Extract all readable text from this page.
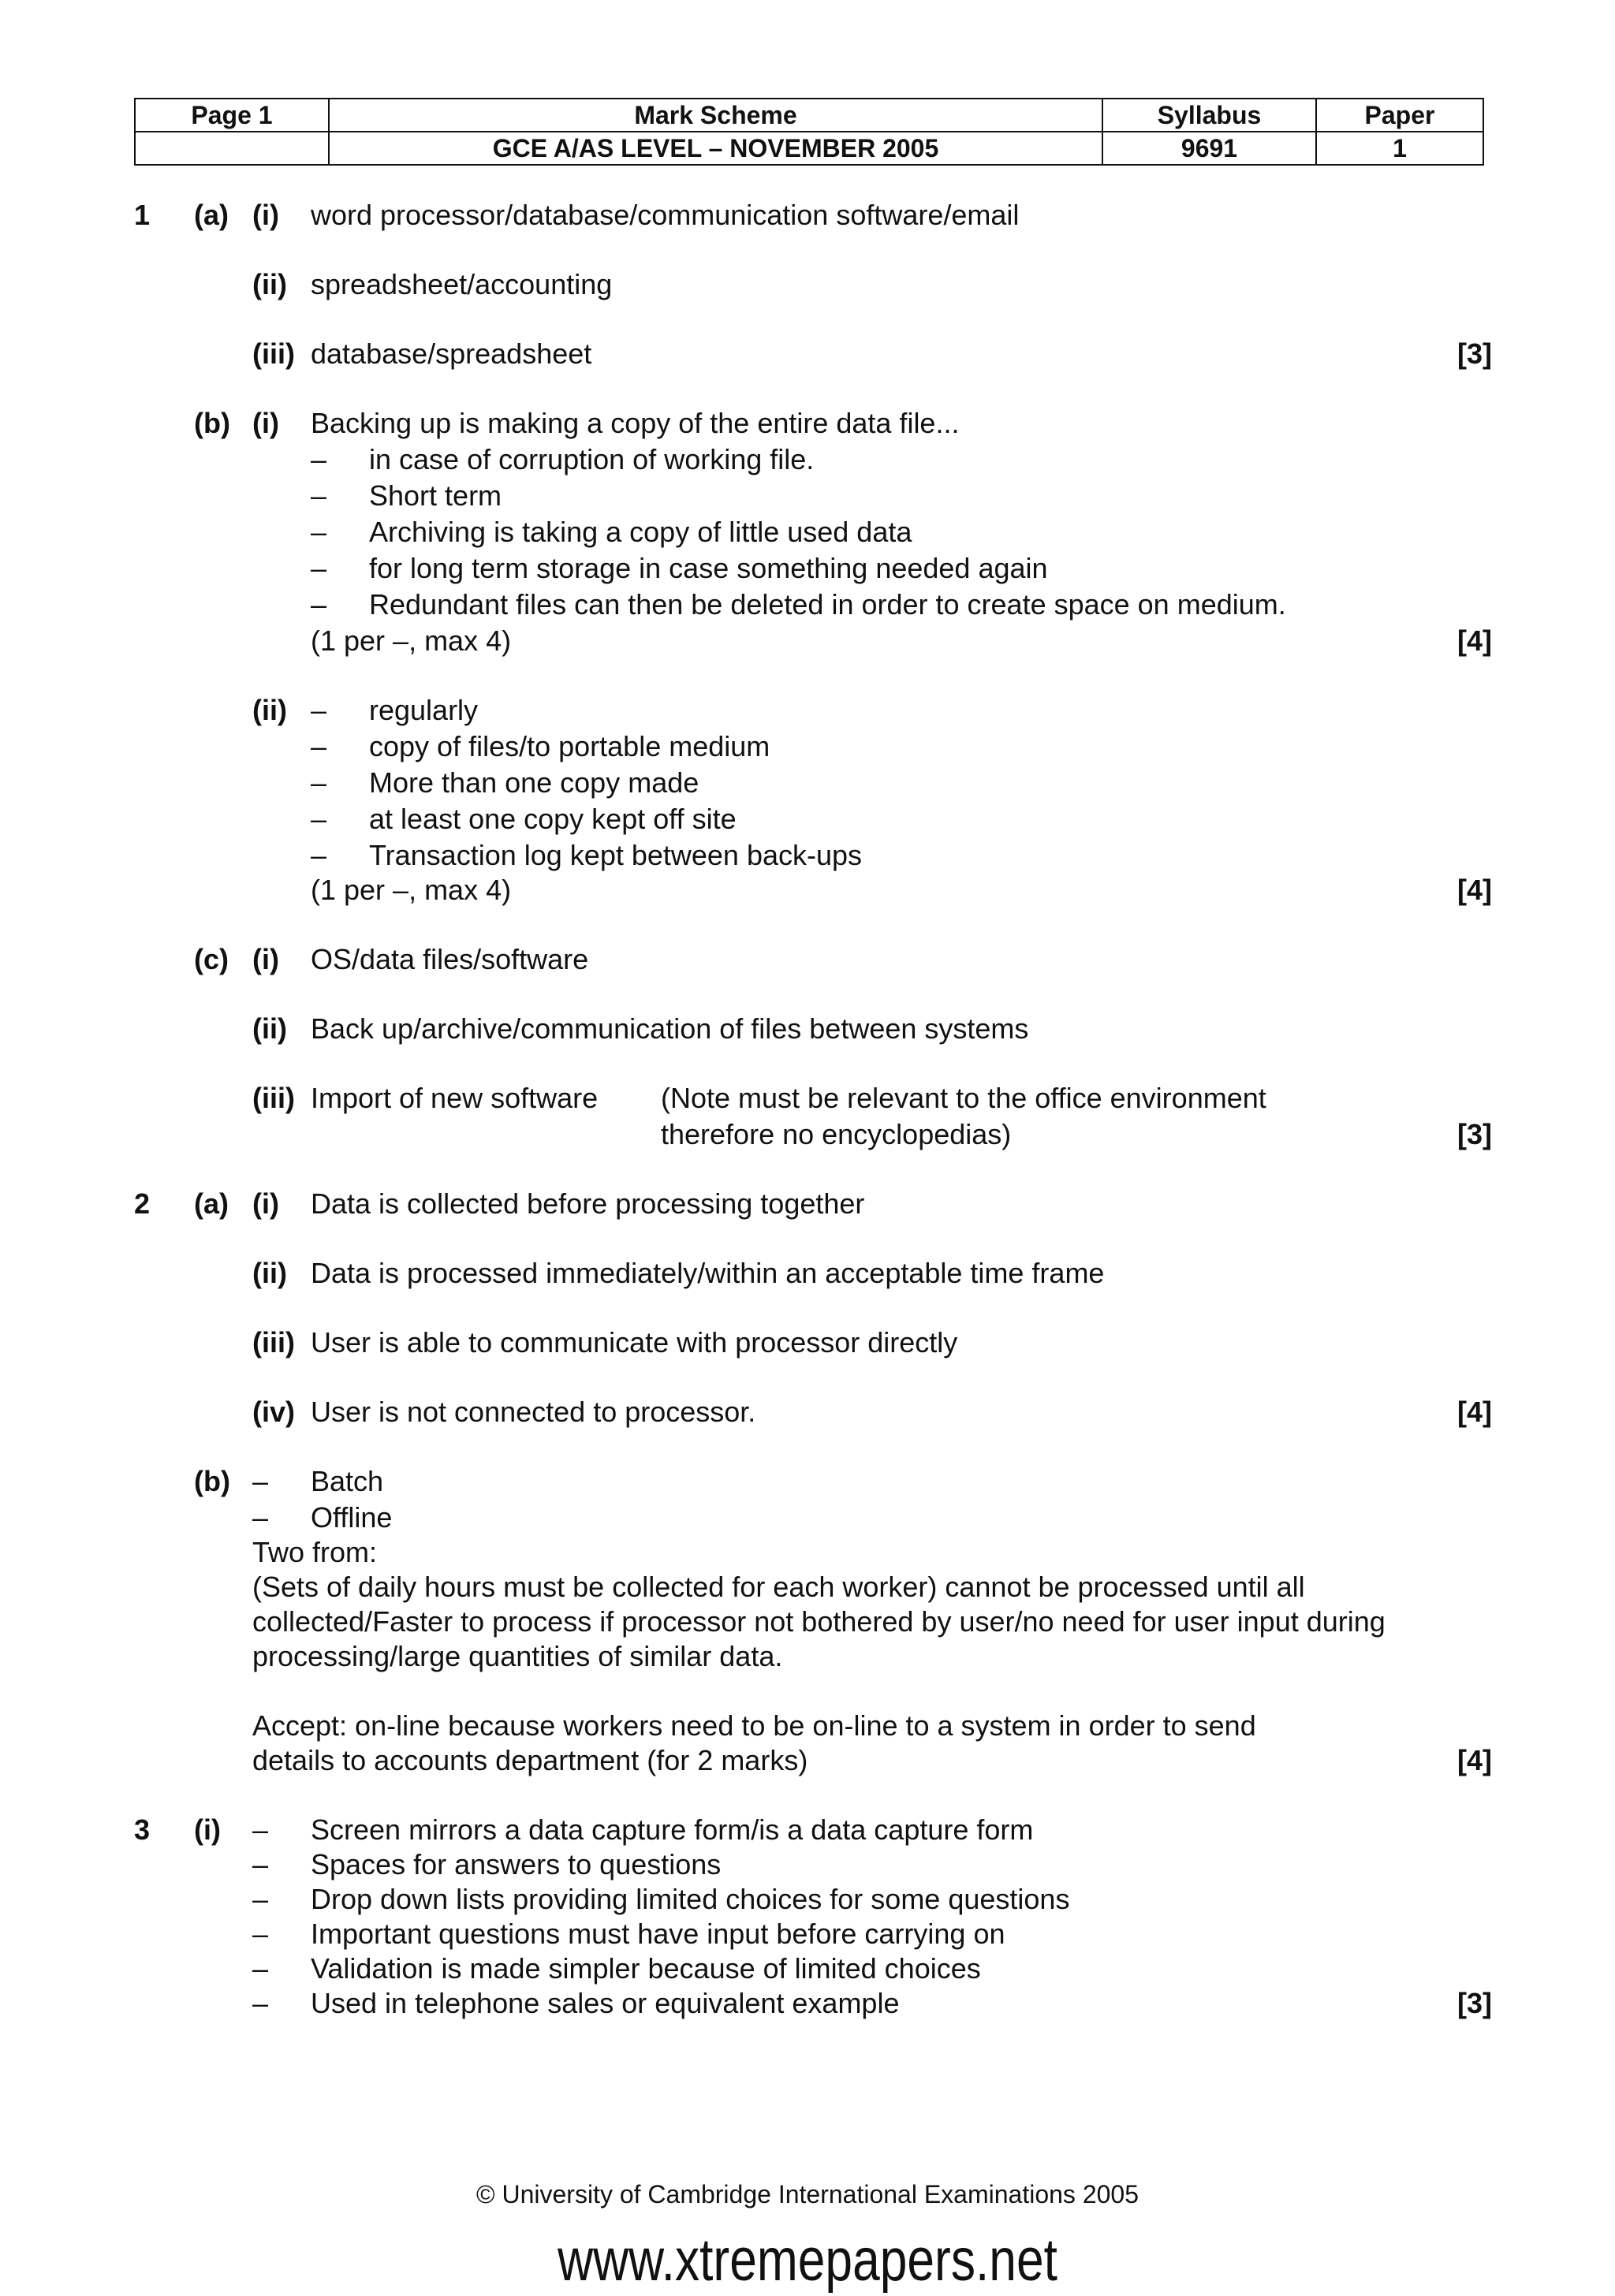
Page 1	Mark Scheme	Syllabus	Paper
	GCE A/AS LEVEL – NOVEMBER 2005	9691	1
1 (a) (i) word processor/database/communication software/email
(ii) spreadsheet/accounting
(iii) database/spreadsheet	[3]
(b) (i) Backing up is making a copy of the entire data file...
– in case of corruption of working file.
– Short term
– Archiving is taking a copy of little used data
– for long term storage in case something needed again
– Redundant files can then be deleted in order to create space on medium.
(1 per –, max 4)	[4]
(ii) – regularly
– copy of files/to portable medium
– More than one copy made
– at least one copy kept off site
– Transaction log kept between back-ups
(1 per –, max 4)	[4]
(c) (i) OS/data files/software
(ii) Back up/archive/communication of files between systems
(iii) Import of new software (Note must be relevant to the office environment
therefore no encyclopedias)	[3]
2 (a) (i) Data is collected before processing together
(ii) Data is processed immediately/within an acceptable time frame
(iii) User is able to communicate with processor directly
(iv) User is not connected to processor.	[4]
(b) – Batch
– Offline
Two from:
(Sets of daily hours must be collected for each worker) cannot be processed until all
collected/Faster to process if processor not bothered by user/no need for user input during
processing/large quantities of similar data.
Accept: on-line because workers need to be on-line to a system in order to send
details to accounts department (for 2 marks)	[4]
3 (i) – Screen mirrors a data capture form/is a data capture form
– Spaces for answers to questions
– Drop down lists providing limited choices for some questions
– Important questions must have input before carrying on
– Validation is made simpler because of limited choices
– Used in telephone sales or equivalent example	[3]
© University of Cambridge International Examinations 2005
www.xtremepapers.net
